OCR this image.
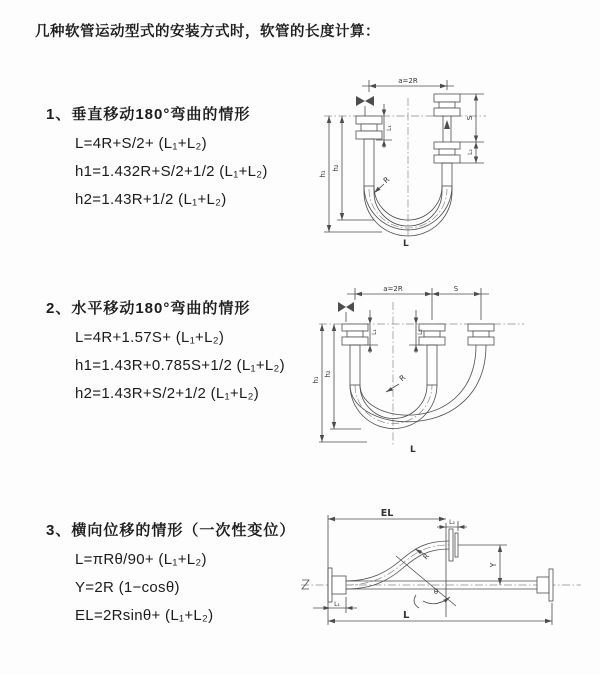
几种软管运动型式的安装方式时，软管的长度计算：
1、垂直移动180°弯曲的情形
L=4R+S/2+ (L₁+L₂)
h1=1.432R+S/2+1/2 (L₁+L₂)
h2=1.43R+1/2 (L₁+L₂)
2、水平移动180°弯曲的情形
L=4R+1.57S+ (L₁+L₂)
h1=1.43R+0.785S+1/2 (L₁+L₂)
h2=1.43R+S/2+1/2 (L₁+L₂)
3、横向位移的情形（一次性变位）
L=πRθ/90+ (L₁+L₂)
Y=2R (1−cosθ)
EL=2Rsinθ+ (L₁+L₂)
a=2R
h₁
h₂
L₁
S
L₂
R
L
a=2R	S
h₁
h₂
L₁	L₂
R
L
EL
L₂
Y
R
θ
L
L₁
